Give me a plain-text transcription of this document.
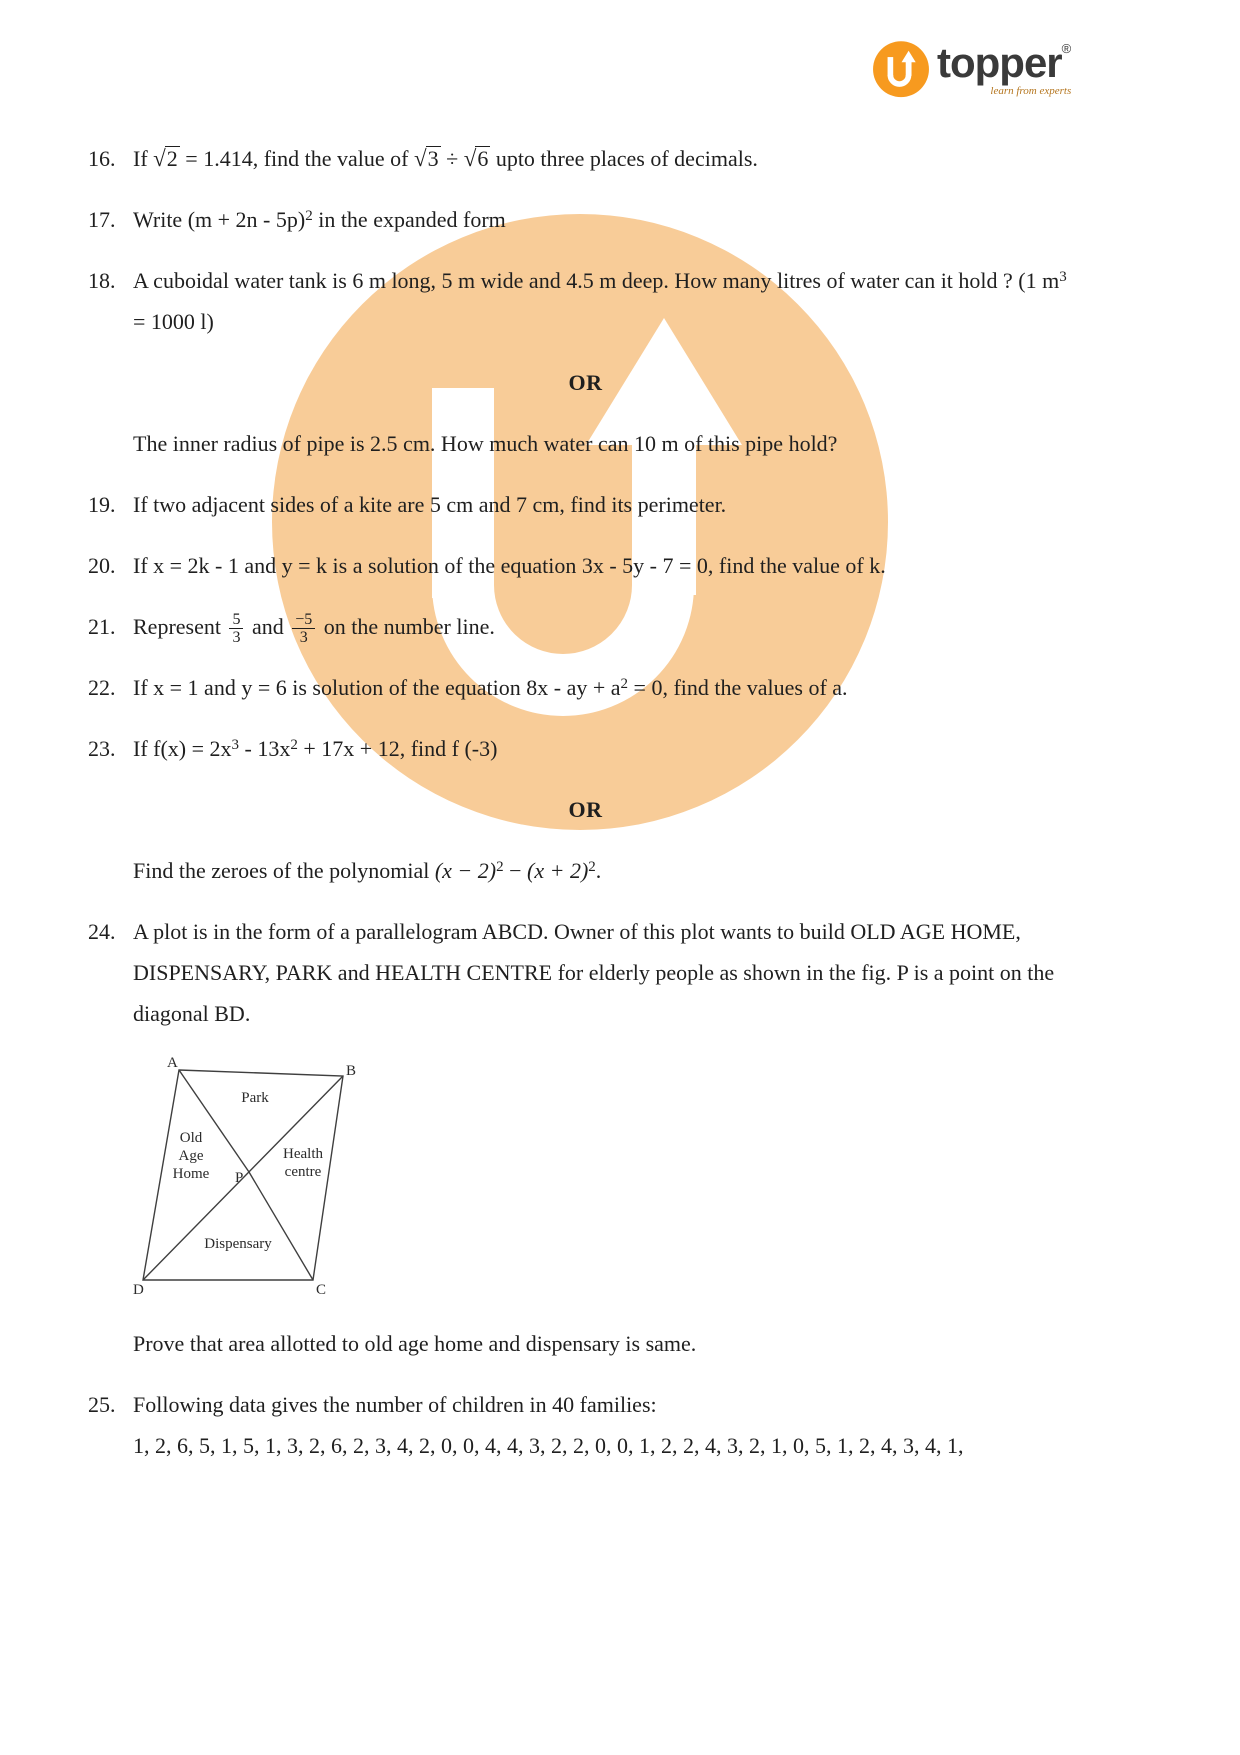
topper ®
learn from experts
16. If √2 = 1.414, find the value of √3 ÷ √6 upto three places of decimals.
17. Write $(m + 2n - 5p)^2$ in the expanded form
18. A cuboidal water tank is 6 m long, 5 m wide and 4.5 m deep. How many litres of water can it hold ? (1 $m^3 = 1000$ l)
OR
The inner radius of pipe is 2.5 cm. How much water can 10 m of this pipe hold?
19. If two adjacent sides of a kite are 5 cm and 7 cm, find its perimeter.
20. If x = 2k - 1 and y = k is a solution of the equation 3x - 5y - 7 = 0, find the value of k.
21. Represent $\frac{5}{3}$ and $\frac{-5}{3}$ on the number line.
22. If x = 1 and y = 6 is solution of the equation 8x - ay + $a^2 = 0$, find the values of a.
23. If $f(x) = 2x^3 - 13x^2 + 17x + 12$, find f (-3)
OR
Find the zeroes of the polynomial $(x - 2)^2 - (x + 2)^2$.
24. A plot is in the form of a parallelogram ABCD. Owner of this plot wants to build OLD AGE HOME, DISPENSARY, PARK and HEALTH CENTRE for elderly people as shown in the fig. P is a point on the diagonal BD.
A	B
C
D
P
Park
Old
Age
Home
Health
centre
Dispensary
Prove that area allotted to old age home and dispensary is same.
25. Following data gives the number of children in 40 families:
1, 2, 6, 5, 1, 5, 1, 3, 2, 6, 2, 3, 4, 2, 0, 0, 4, 4, 3, 2, 2, 0, 0, 1, 2, 2, 4, 3, 2, 1, 0, 5, 1, 2, 4, 3, 4, 1,
